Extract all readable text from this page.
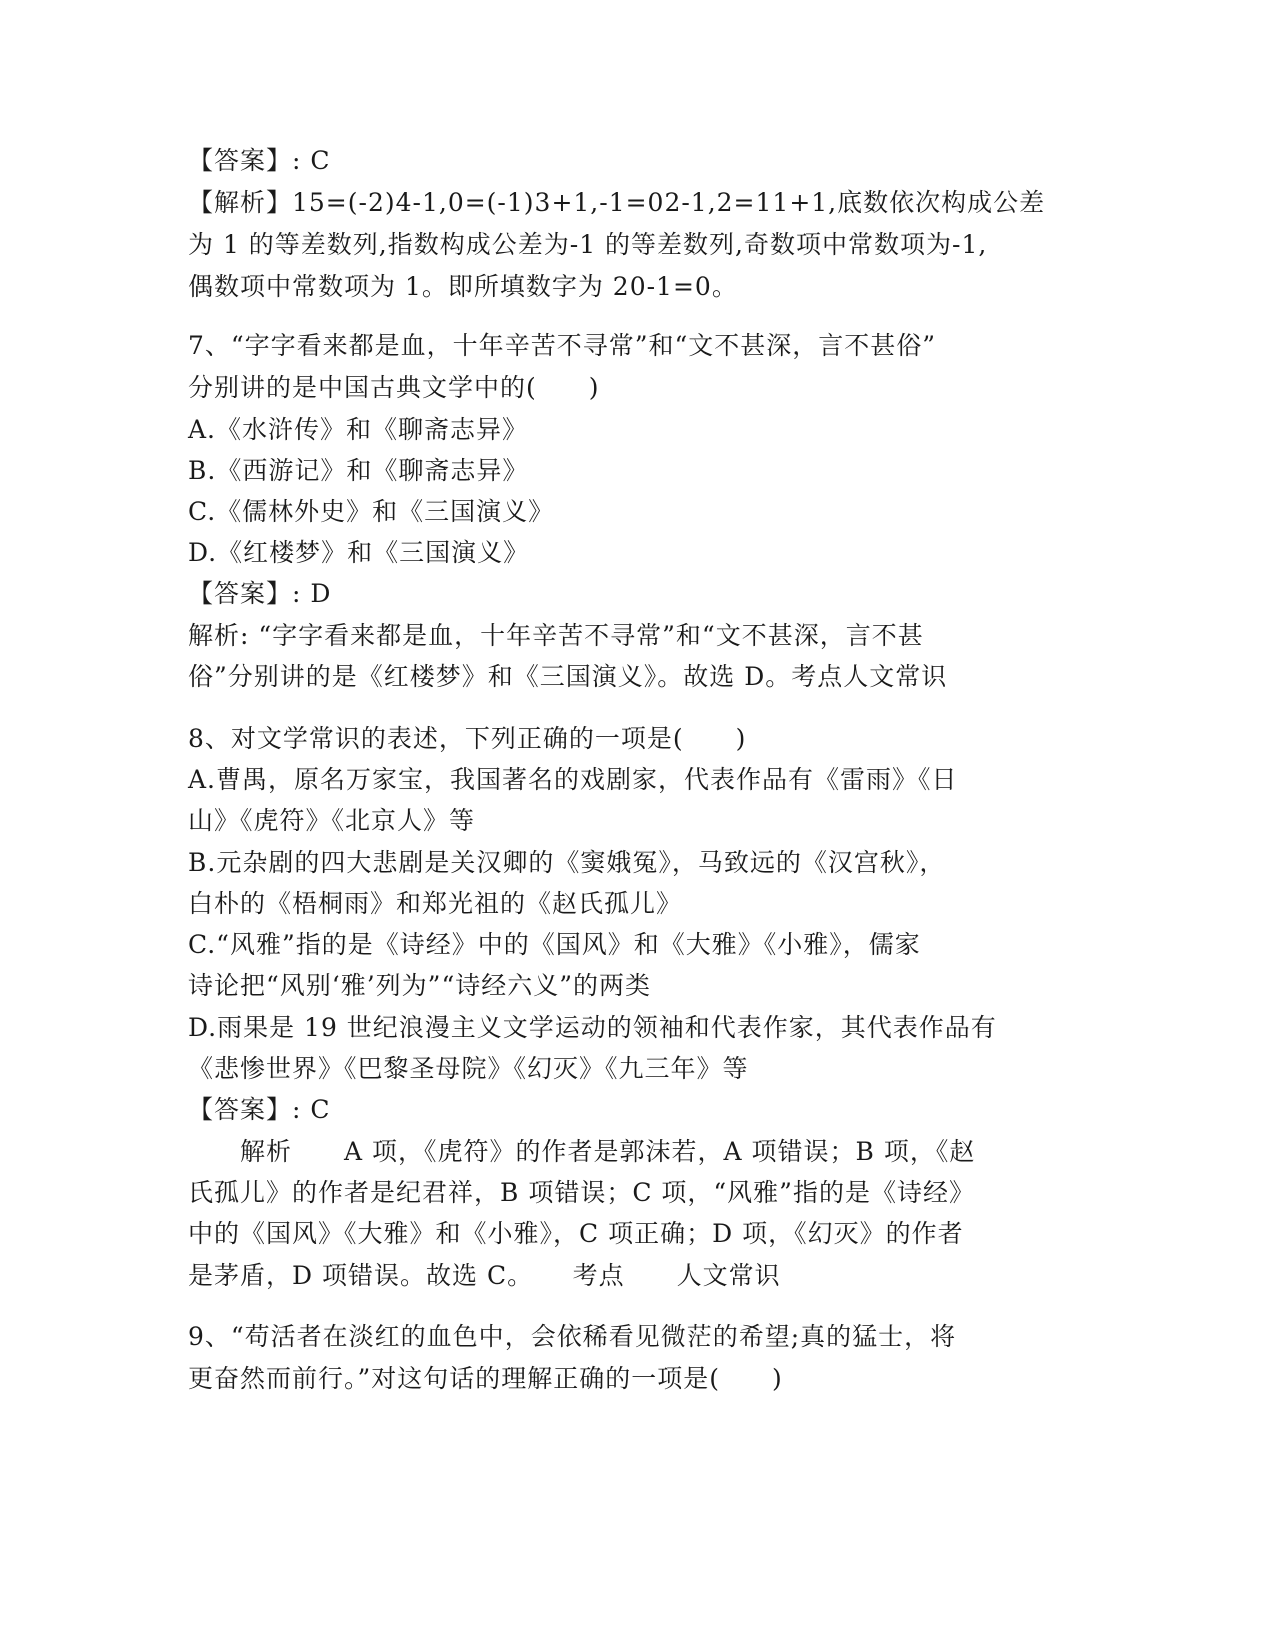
【答案】: C
【解析】15=(-2)4-1,0=(-1)3+1,-1=02-1,2=11+1,底数依次构成公差
为 1 的等差数列,指数构成公差为-1 的等差数列,奇数项中常数项为-1,
偶数项中常数项为 1。即所填数字为 20-1=0。
7、“字字看来都是血，十年辛苦不寻常”和“文不甚深，言不甚俗”
分别讲的是中国古典文学中的(　　)
A.《水浒传》和《聊斋志异》
B.《西游记》和《聊斋志异》
C.《儒林外史》和《三国演义》
D.《红楼梦》和《三国演义》
【答案】: D
解析: “字字看来都是血，十年辛苦不寻常”和“文不甚深，言不甚
俗”分别讲的是《红楼梦》和《三国演义》。故选 D。考点人文常识
8、对文学常识的表述，下列正确的一项是(　　)
A.曹禺，原名万家宝，我国著名的戏剧家，代表作品有《雷雨》《日
山》《虎符》《北京人》等
B.元杂剧的四大悲剧是关汉卿的《窦娥冤》，马致远的《汉宫秋》，
白朴的《梧桐雨》和郑光祖的《赵氏孤儿》
C.“风雅”指的是《诗经》中的《国风》和《大雅》《小雅》，儒家
诗论把“风别‘雅’列为”“诗经六义”的两类
D.雨果是 19 世纪浪漫主义文学运动的领袖和代表作家，其代表作品有
《悲惨世界》《巴黎圣母院》《幻灭》《九三年》等
【答案】: C
　　解析　　A 项，《虎符》的作者是郭沫若，A 项错误；B 项，《赵
氏孤儿》的作者是纪君祥，B 项错误；C 项，“风雅”指的是《诗经》
中的《国风》《大雅》和《小雅》，C 项正确；D 项，《幻灭》的作者
是茅盾，D 项错误。故选 C。　　考点　　人文常识
9、“苟活者在淡红的血色中，会依稀看见微茫的希望;真的猛士，将
更奋然而前行。”对这句话的理解正确的一项是(　　)
